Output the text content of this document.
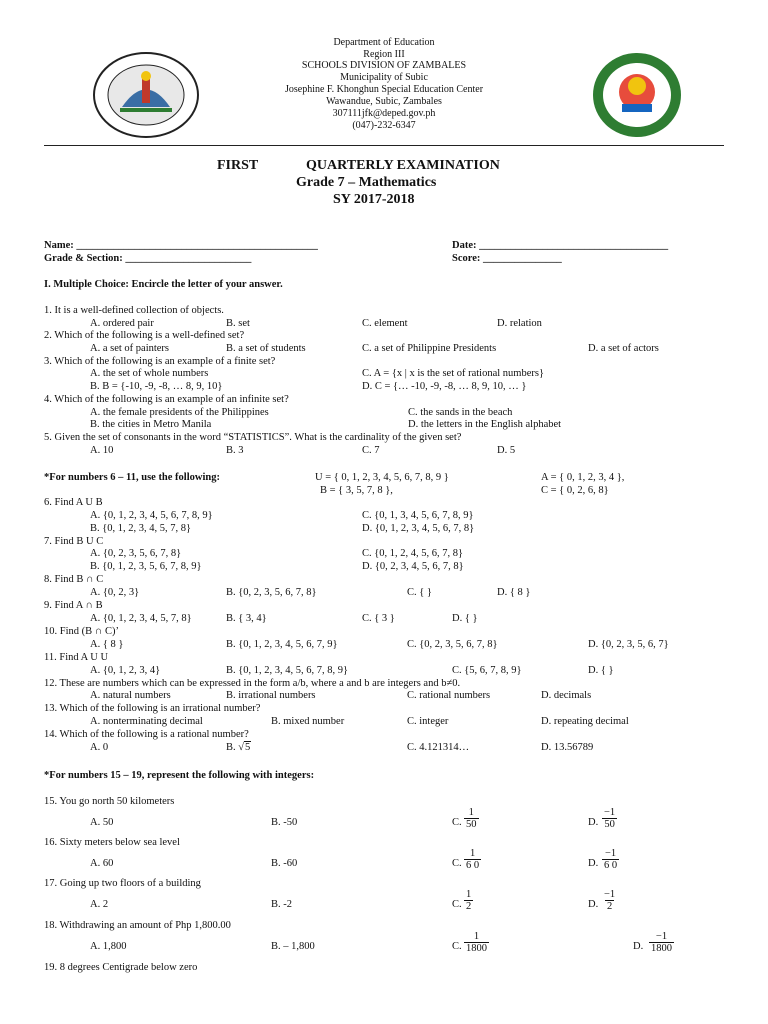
Department of Education
Region III
SCHOOLS DIVISION OF ZAMBALES
Municipality of Subic
Josephine F. Khonghun Special Education Center
Wawandue, Subic, Zambales
307111jfk@deped.gov.ph
(047)-232-6347
FIRST	QUARTERLY EXAMINATION
Grade 7 – Mathematics
SY 2017-2018
Name: ______________________________________________
Grade & Section: ________________________
Date: ____________________________________
Score: _______________
I. Multiple Choice: Encircle the letter of your answer.
1. It is a well-defined collection of objects.
A. ordered pair	B. set	C. element	D. relation
2. Which of the following is a well-defined set?
A. a set of painters	B. a set of students	C. a set of Philippine Presidents	D. a set of actors
3. Which of the following is an example of a finite set?
A. the set of whole numbers	C. A = {x | x is the set of rational numbers}
B. B = {-10, -9, -8, … 8, 9, 10}	D. C = {… -10, -9, -8, … 8, 9, 10, … }
4. Which of the following is an example of an infinite set?
A. the female presidents of the Philippines	C. the sands in the beach
B. the cities in Metro Manila	D. the letters in the English alphabet
5. Given the set of consonants in the word “STATISTICS”. What is the cardinality of the given set?
A. 10	B. 3	C. 7	D. 5
*For numbers 6 – 11, use the following:	U = { 0, 1, 2, 3, 4, 5, 6, 7, 8, 9 }	A = { 0, 1, 2, 3, 4 },
B = { 3, 5, 7, 8 },	C = { 0, 2, 6, 8}
6. Find A U B
A. {0, 1, 2, 3, 4, 5, 6, 7, 8, 9}	C. {0, 1, 3, 4, 5, 6, 7, 8, 9}
B. {0, 1, 2, 3, 4, 5, 7, 8}	D. {0, 1, 2, 3, 4, 5, 6, 7, 8}
7. Find B U C
A. {0, 2, 3, 5, 6, 7, 8}	C. {0, 1, 2, 4, 5, 6, 7, 8}
B. {0, 1, 2, 3, 5, 6, 7, 8, 9}	D. {0, 2, 3, 4, 5, 6, 7, 8}
8. Find B ∩ C
A. {0, 2, 3}	B. {0, 2, 3, 5, 6, 7, 8}	C. { }	D. { 8 }
9. Find A ∩ B
A. {0, 1, 2, 3, 4, 5, 7, 8}	B. { 3, 4}	C. { 3 }	D. { }
10. Find (B ∩ C)’
A. { 8 }	B. {0, 1, 2, 3, 4, 5, 6, 7, 9}	C. {0, 2, 3, 5, 6, 7, 8}	D. {0, 2, 3, 5, 6, 7}
11. Find A U U
A. {0, 1, 2, 3, 4}	B. {0, 1, 2, 3, 4, 5, 6, 7, 8, 9}	C. {5, 6, 7, 8, 9}	D. { }
12. These are numbers which can be expressed in the form a/b, where a and b are integers and b≠0.
A. natural numbers	B. irrational numbers	C. rational numbers	D. decimals
13. Which of the following is an irrational number?
A. nonterminating decimal	B. mixed number	C. integer	D. repeating decimal
14. Which of the following is a rational number?
A. 0	B. √5	C. 4.121314…	D. 13.56789
*For numbers 15 – 19, represent the following with integers:
15. You go north 50 kilometers
A. 50	B. -50	C. $\frac{1}{50}$	D. $\frac{-1}{50}$
16. Sixty meters below sea level
A. 60	B. -60	C. $\frac{1}{6 0}$	D. $\frac{-1}{6 0}$
17. Going up two floors of a building
A. 2	B. -2	C. $\frac{1}{2}$	D. $\frac{-1}{2}$
18. Withdrawing an amount of Php 1,800.00
A. 1,800	B. – 1,800	C. $\frac{1}{1800}$	D. $\frac{-1}{1800}$
19. 8 degrees Centigrade below zero
